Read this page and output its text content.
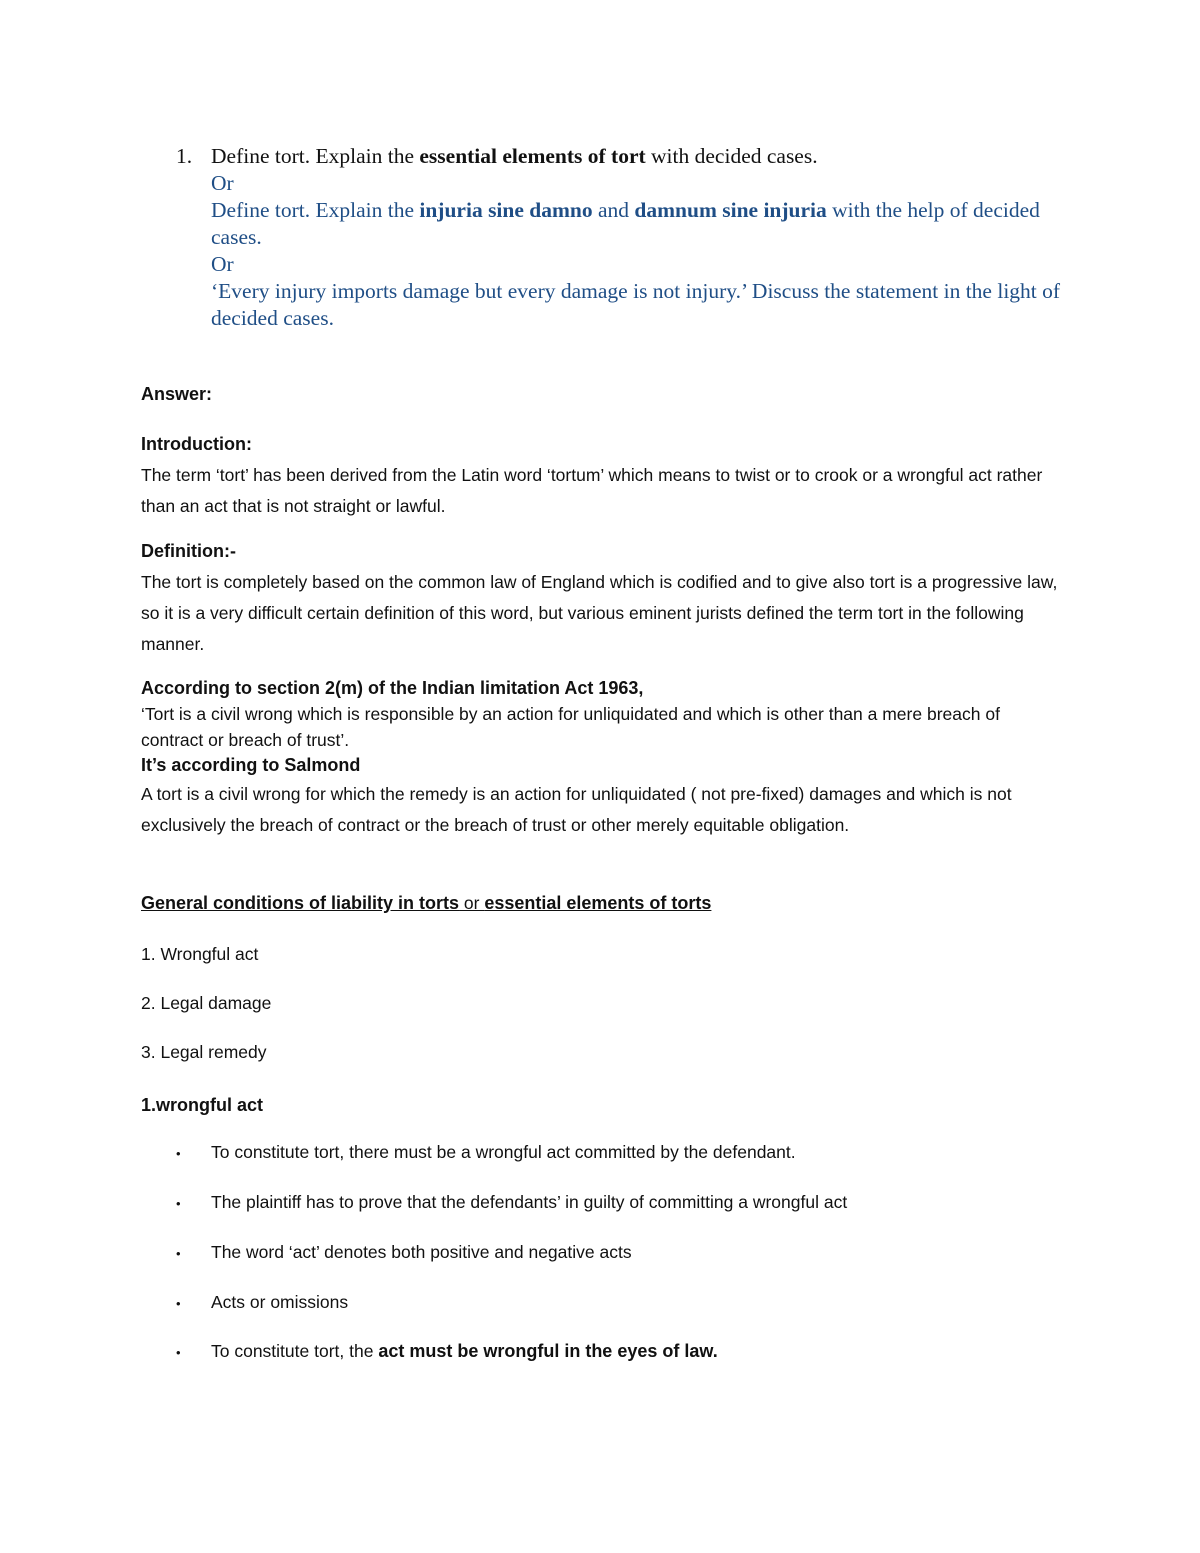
1. Define tort. Explain the essential elements of tort with decided cases.
Or
Define tort. Explain the injuria sine damno and damnum sine injuria with the help of decided cases.
Or
‘Every injury imports damage but every damage is not injury.’ Discuss the statement in the light of decided cases.
Answer:
Introduction:
The term ‘tort’ has been derived from the Latin word ‘tortum’ which means to twist or to crook or a wrongful act rather than an act that is not straight or lawful.
Definition:-
The tort is completely based on the common law of England which is codified and to give also tort is a progressive law, so it is a very difficult certain definition of this word, but various eminent jurists defined the term tort in the following manner.
According to section 2(m) of the Indian limitation Act 1963,
‘Tort is a civil wrong which is responsible by an action for unliquidated and which is other than a mere breach of contract or breach of trust’.
It’s according to Salmond
A tort is a civil wrong for which the remedy is an action for unliquidated ( not pre-fixed) damages and which is not exclusively the breach of contract or the breach of trust or other merely equitable obligation.
General conditions of liability in torts or essential elements of torts
1. Wrongful act
2. Legal damage
3. Legal remedy
1.wrongful act
• To constitute tort, there must be a wrongful act committed by the defendant.
• The plaintiff has to prove that the defendants’ in guilty of committing a wrongful act
• The word ‘act’ denotes both positive and negative acts
• Acts or omissions
• To constitute tort, the act must be wrongful in the eyes of law.
